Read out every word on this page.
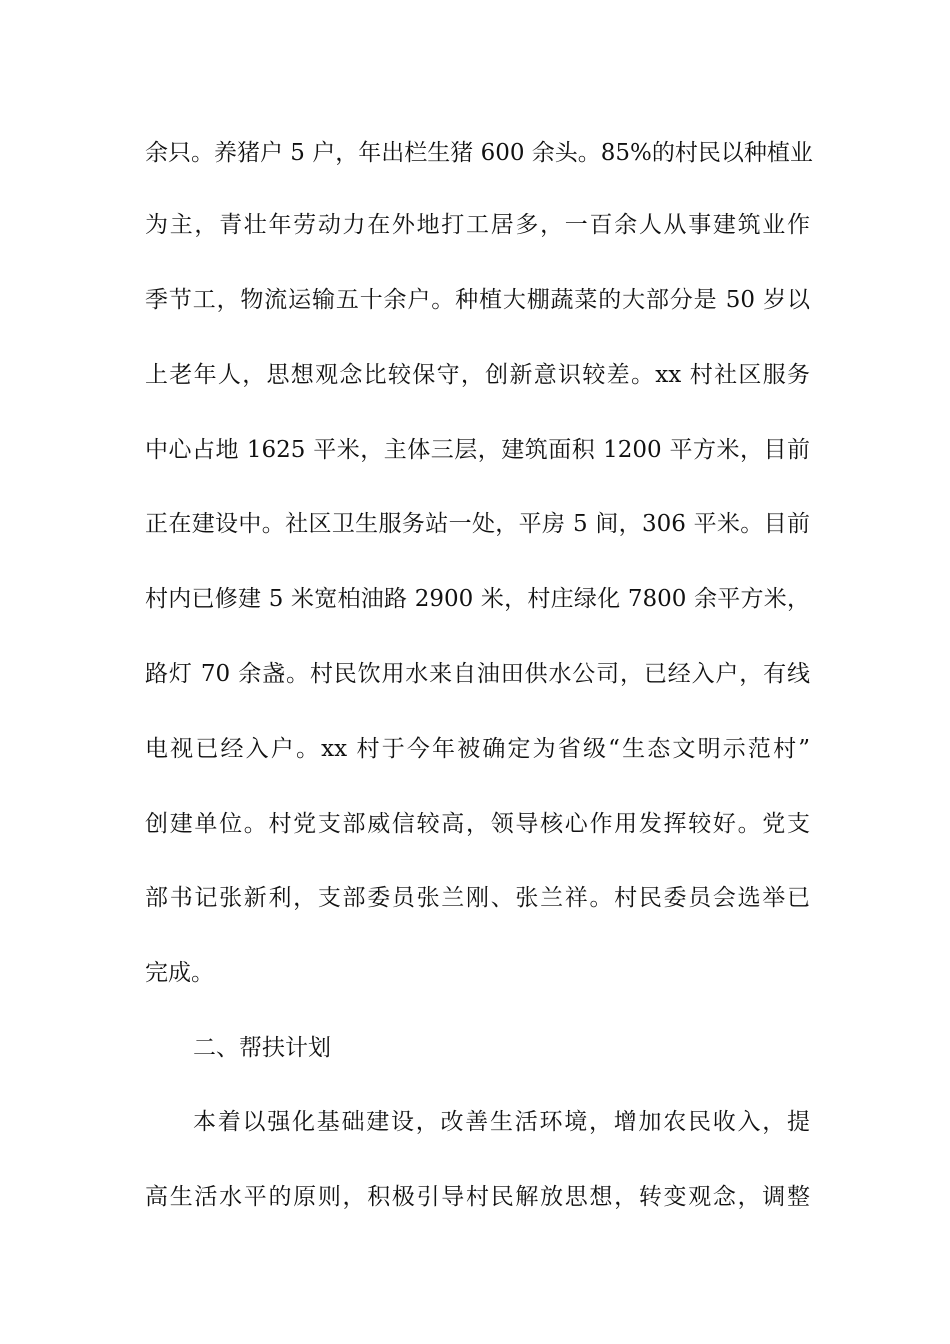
余只。养猪户 5 户，年出栏生猪 600 余头。85%的村民以种植业
为主，青壮年劳动力在外地打工居多，一百余人从事建筑业作
季节工，物流运输五十余户。种植大棚蔬菜的大部分是 50 岁以
上老年人，思想观念比较保守，创新意识较差。xx 村社区服务
中心占地 1625 平米，主体三层，建筑面积 1200 平方米，目前
正在建设中。社区卫生服务站一处，平房 5 间，306 平米。目前
村内已修建 5 米宽柏油路 2900 米，村庄绿化 7800 余平方米，
路灯 70 余盏。村民饮用水来自油田供水公司，已经入户，有线
电视已经入户。xx 村于今年被确定为省级“生态文明示范村”
创建单位。村党支部威信较高，领导核心作用发挥较好。党支
部书记张新利，支部委员张兰刚、张兰祥。村民委员会选举已
完成。
二、帮扶计划
本着以强化基础建设，改善生活环境，增加农民收入，提
高生活水平的原则，积极引导村民解放思想，转变观念，调整
